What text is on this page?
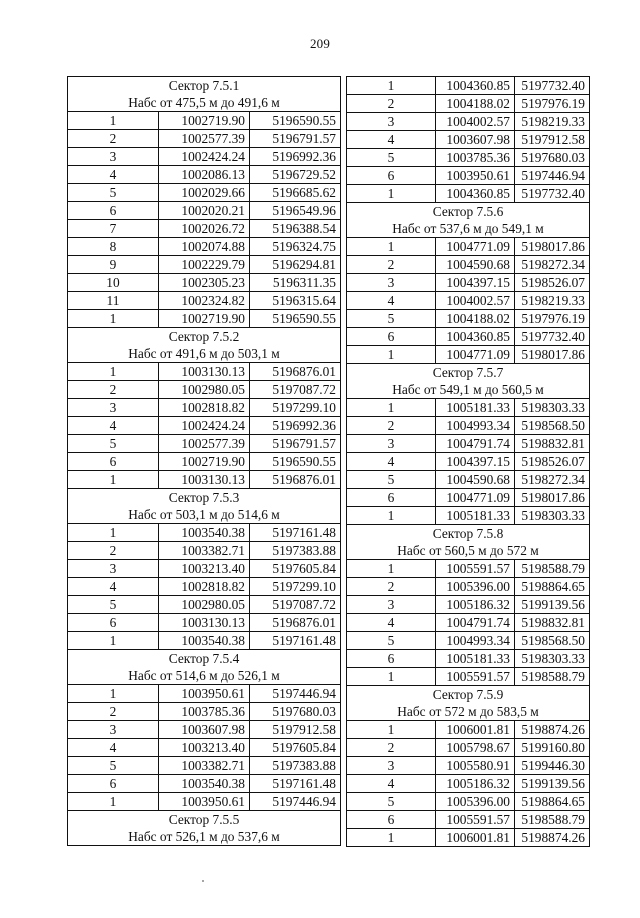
209
Сектор 7.5.1		
Набс от 475,5 м до 491,6 м		
1	1002719.90	5196590.55
2	1002577.39	5196791.57
3	1002424.24	5196992.36
4	1002086.13	5196729.52
5	1002029.66	5196685.62
6	1002020.21	5196549.96
7	1002026.72	5196388.54
8	1002074.88	5196324.75
9	1002229.79	5196294.81
10	1002305.23	5196311.35
11	1002324.82	5196315.64
1	1002719.90	5196590.55
Сектор 7.5.2		
Набс от 491,6 м до 503,1 м		
1	1003130.13	5196876.01
2	1002980.05	5197087.72
3	1002818.82	5197299.10
4	1002424.24	5196992.36
5	1002577.39	5196791.57
6	1002719.90	5196590.55
1	1003130.13	5196876.01
Сектор 7.5.3		
Набс от 503,1 м до 514,6 м		
1	1003540.38	5197161.48
2	1003382.71	5197383.88
3	1003213.40	5197605.84
4	1002818.82	5197299.10
5	1002980.05	5197087.72
6	1003130.13	5196876.01
1	1003540.38	5197161.48
Сектор 7.5.4		
Набс от 514,6 м до 526,1 м		
1	1003950.61	5197446.94
2	1003785.36	5197680.03
3	1003607.98	5197912.58
4	1003213.40	5197605.84
5	1003382.71	5197383.88
6	1003540.38	5197161.48
1	1003950.61	5197446.94
Сектор 7.5.5		
Набс от 526,1 м до 537,6 м		
1	1004360.85	5197732.40
2	1004188.02	5197976.19
3	1004002.57	5198219.33
4	1003607.98	5197912.58
5	1003785.36	5197680.03
6	1003950.61	5197446.94
1	1004360.85	5197732.40
Сектор 7.5.6		
Набс от 537,6 м до 549,1 м		
1	1004771.09	5198017.86
2	1004590.68	5198272.34
3	1004397.15	5198526.07
4	1004002.57	5198219.33
5	1004188.02	5197976.19
6	1004360.85	5197732.40
1	1004771.09	5198017.86
Сектор 7.5.7		
Набс от 549,1 м до 560,5 м		
1	1005181.33	5198303.33
2	1004993.34	5198568.50
3	1004791.74	5198832.81
4	1004397.15	5198526.07
5	1004590.68	5198272.34
6	1004771.09	5198017.86
1	1005181.33	5198303.33
Сектор 7.5.8		
Набс от 560,5 м до 572 м		
1	1005591.57	5198588.79
2	1005396.00	5198864.65
3	1005186.32	5199139.56
4	1004791.74	5198832.81
5	1004993.34	5198568.50
6	1005181.33	5198303.33
1	1005591.57	5198588.79
Сектор 7.5.9		
Набс от 572 м до 583,5 м		
1	1006001.81	5198874.26
2	1005798.67	5199160.80
3	1005580.91	5199446.30
4	1005186.32	5199139.56
5	1005396.00	5198864.65
6	1005591.57	5198588.79
1	1006001.81	5198874.26
